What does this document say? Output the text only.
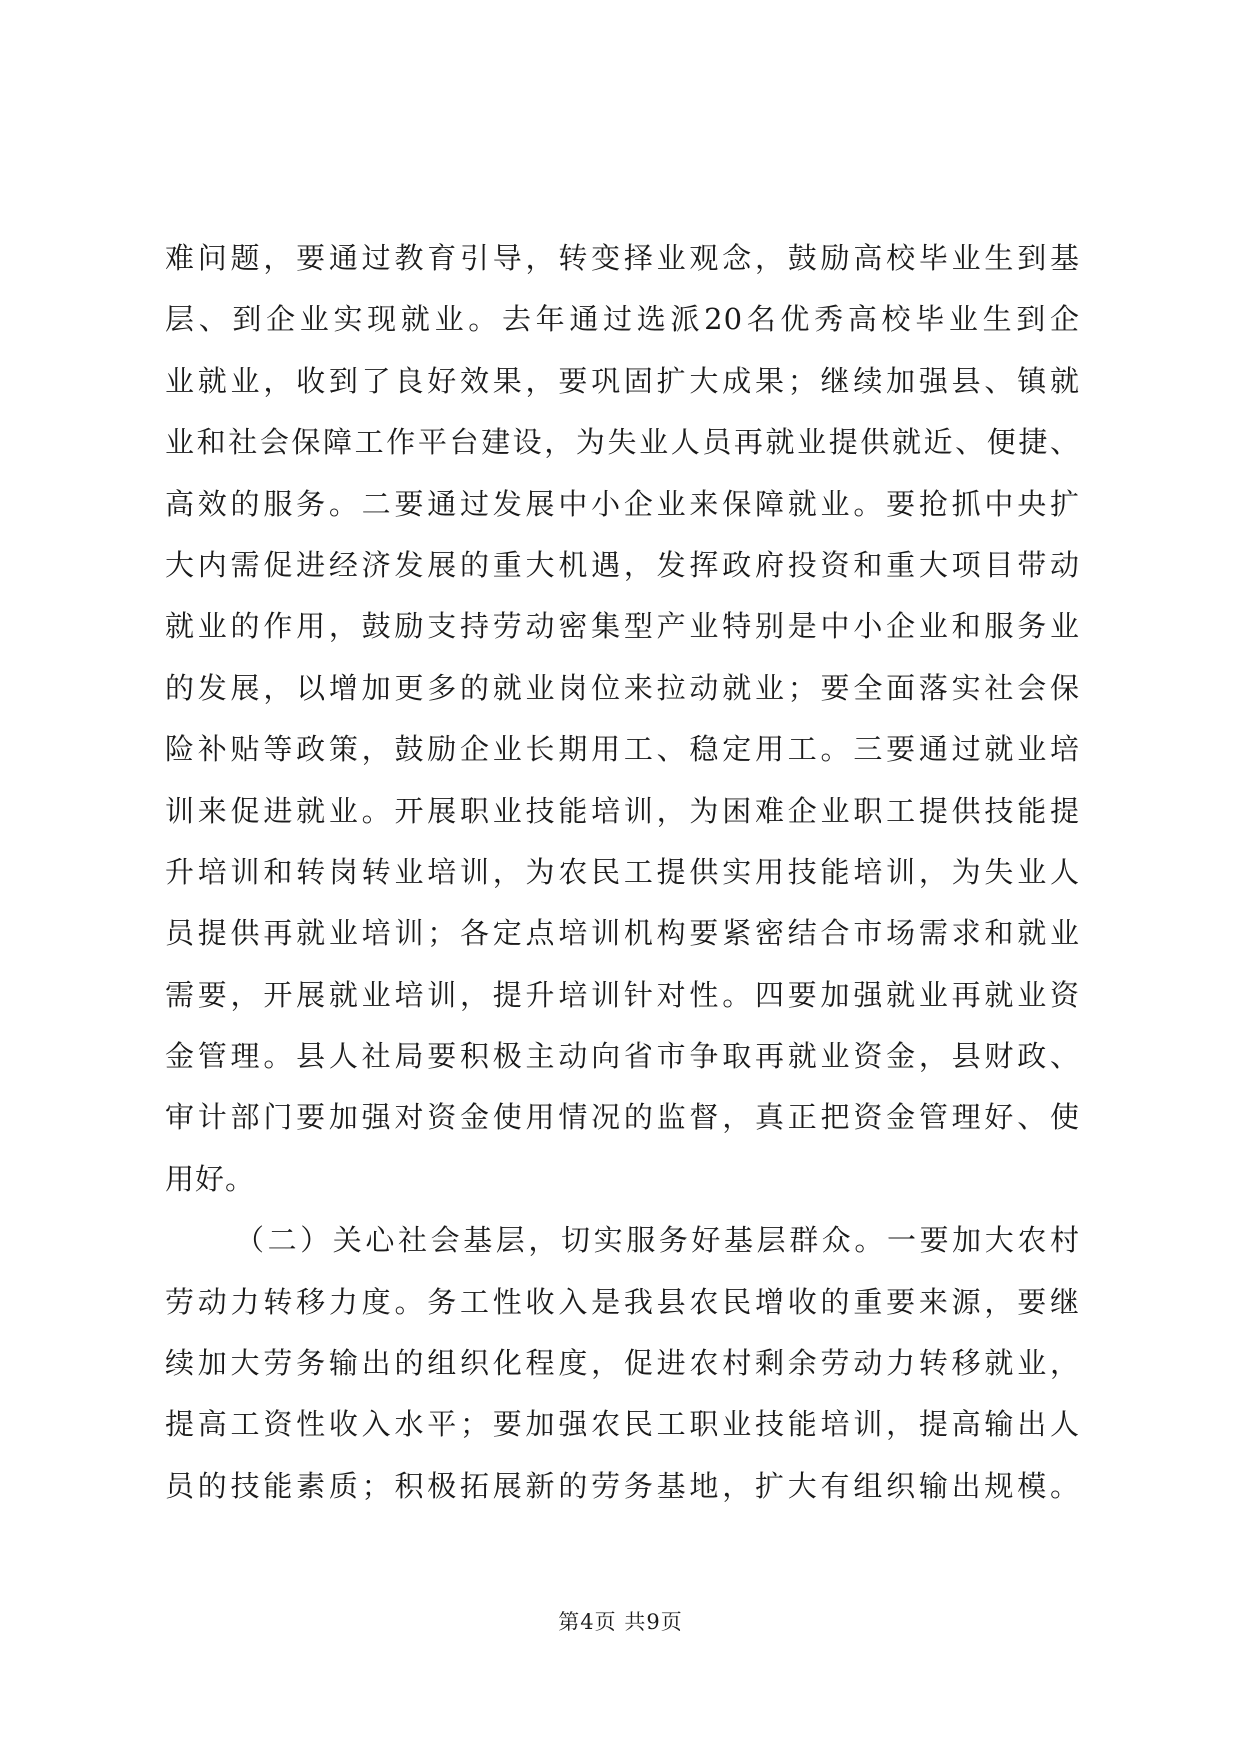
难问题，要通过教育引导，转变择业观念，鼓励高校毕业生到基
层、到企业实现就业。去年通过选派20名优秀高校毕业生到企
业就业，收到了良好效果，要巩固扩大成果；继续加强县、镇就
业和社会保障工作平台建设，为失业人员再就业提供就近、便捷、
高效的服务。二要通过发展中小企业来保障就业。要抢抓中央扩
大内需促进经济发展的重大机遇，发挥政府投资和重大项目带动
就业的作用，鼓励支持劳动密集型产业特别是中小企业和服务业
的发展，以增加更多的就业岗位来拉动就业；要全面落实社会保
险补贴等政策，鼓励企业长期用工、稳定用工。三要通过就业培
训来促进就业。开展职业技能培训，为困难企业职工提供技能提
升培训和转岗转业培训，为农民工提供实用技能培训，为失业人
员提供再就业培训；各定点培训机构要紧密结合市场需求和就业
需要，开展就业培训，提升培训针对性。四要加强就业再就业资
金管理。县人社局要积极主动向省市争取再就业资金，县财政、
审计部门要加强对资金使用情况的监督，真正把资金管理好、使
用好。
（二）关心社会基层，切实服务好基层群众。一要加大农村
劳动力转移力度。务工性收入是我县农民增收的重要来源，要继
续加大劳务输出的组织化程度，促进农村剩余劳动力转移就业，
提高工资性收入水平；要加强农民工职业技能培训，提高输出人
员的技能素质；积极拓展新的劳务基地，扩大有组织输出规模。
第4页 共9页
